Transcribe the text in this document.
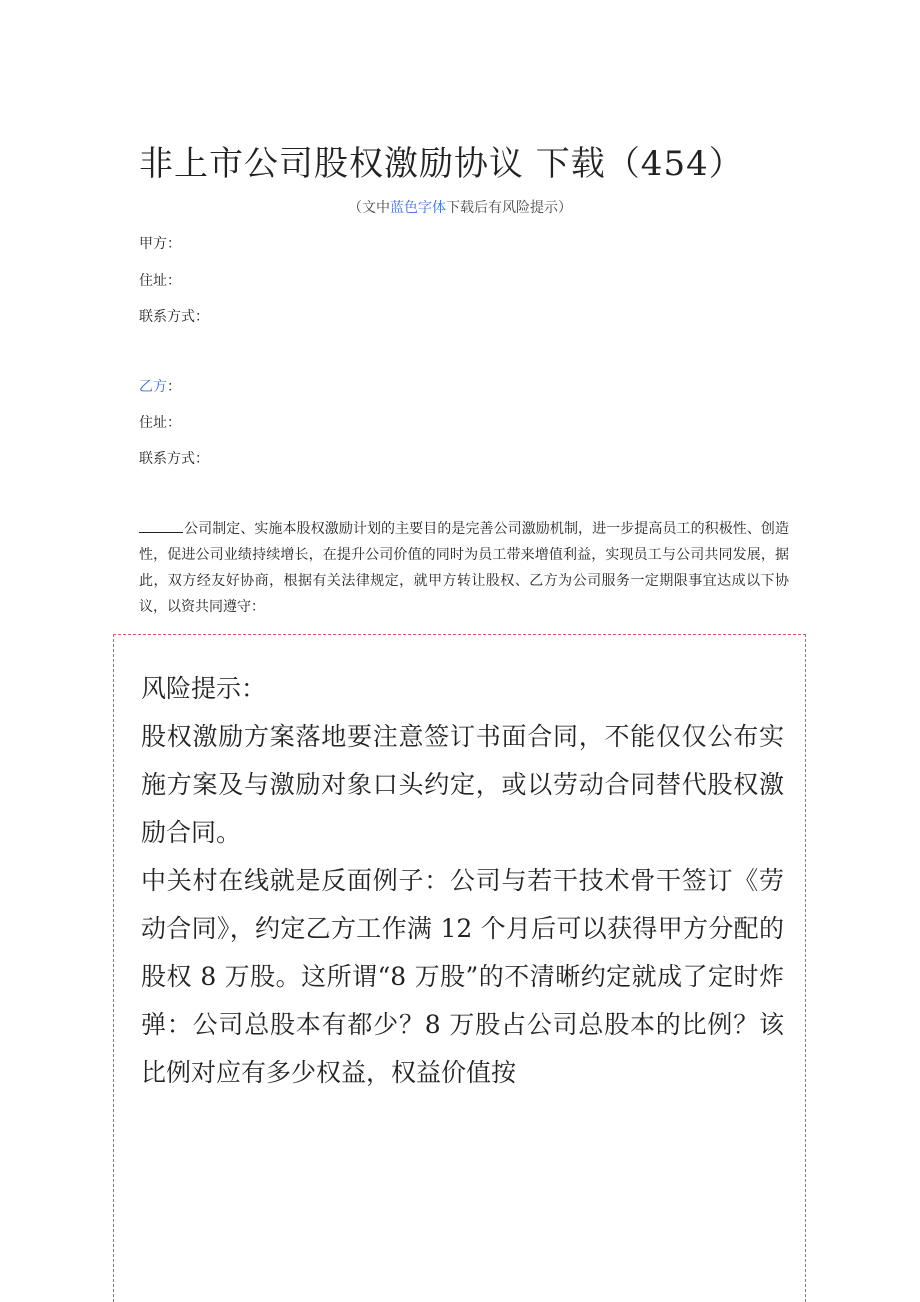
非上市公司股权激励协议 下载（454）
（文中蓝色字体下载后有风险提示）
甲方：
住址：
联系方式：
乙方：
住址：
联系方式：
公司制定、实施本股权激励计划的主要目的是完善公司激励机制，进一步提高员工的积极性、创造性，促进公司业绩持续增长，在提升公司价值的同时为员工带来增值利益，实现员工与公司共同发展，据此，双方经友好协商，根据有关法律规定，就甲方转让股权、乙方为公司服务一定期限事宜达成以下协议，以资共同遵守：

风险提示：

股权激励方案落地要注意签订书面合同，不能仅仅公布实施方案及与激励对象口头约定，或以劳动合同替代股权激励合同。

中关村在线就是反面例子：公司与若干技术骨干签订《劳动合同》，约定乙方工作满 12 个月后可以获得甲方分配的股权 8 万股。这所谓“8 万股”的不清晰约定就成了定时炸弹：公司总股本有都少？8 万股占公司总股本的比例？该比例对应有多少权益，权益价值按
